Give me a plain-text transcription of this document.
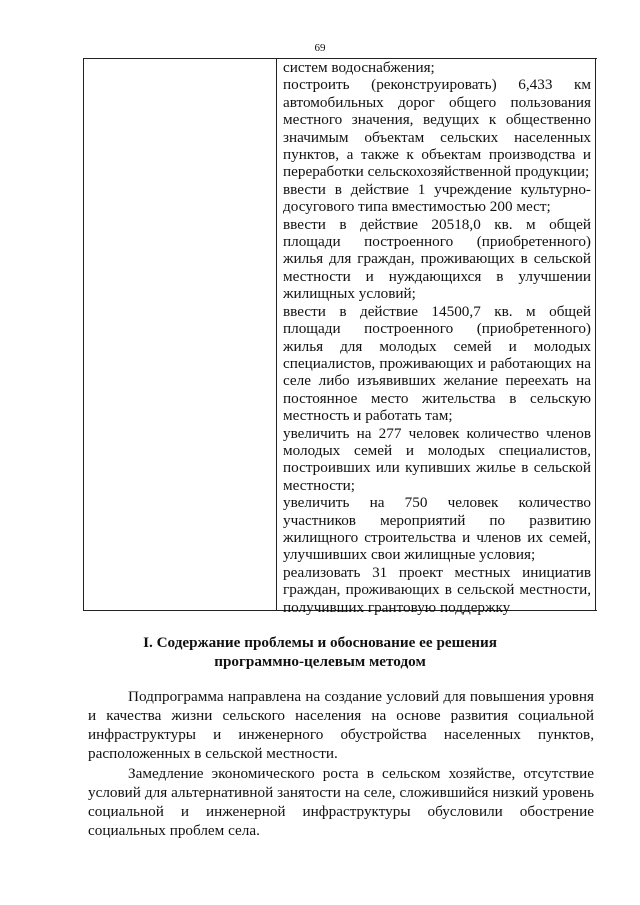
69

систем водоснабжения;

построить (реконструировать) 6,433 км автомобильных дорог общего пользования местного значения, ведущих к общественно значимым объектам сельских населенных пунктов, а также к объектам производства и переработки сельскохозяйственной продукции;

ввести в действие 1 учреждение культурно-досугового типа вместимостью 200 мест;

ввести в действие 20518,0 кв. м общей площади построенного (приобретенного) жилья для граждан, проживающих в сельской местности и нуждающихся в улучшении жилищных условий;

ввести в действие 14500,7 кв. м общей площади построенного (приобретенного) жилья для молодых семей и молодых специалистов, проживающих и работающих на селе либо изъявивших желание переехать на постоянное место жительства в сельскую местность и работать там;

увеличить на 277 человек количество членов молодых семей и молодых специалистов, построивших или купивших жилье в сельской местности;

увеличить на 750 человек количество участников мероприятий по развитию жилищного строительства и членов их семей, улучшивших свои жилищные условия;

реализовать 31 проект местных инициатив граждан, проживающих в сельской местности, получивших грантовую поддержку

I. Содержание проблемы и обоснование ее решения
программно-целевым методом

Подпрограмма направлена на создание условий для повышения уровня и качества жизни сельского населения на основе развития социальной инфраструктуры и инженерного обустройства населенных пунктов, расположенных в сельской местности.

Замедление экономического роста в сельском хозяйстве, отсутствие условий для альтернативной занятости на селе, сложившийся низкий уровень социальной и инженерной инфраструктуры обусловили обострение социальных проблем села.
